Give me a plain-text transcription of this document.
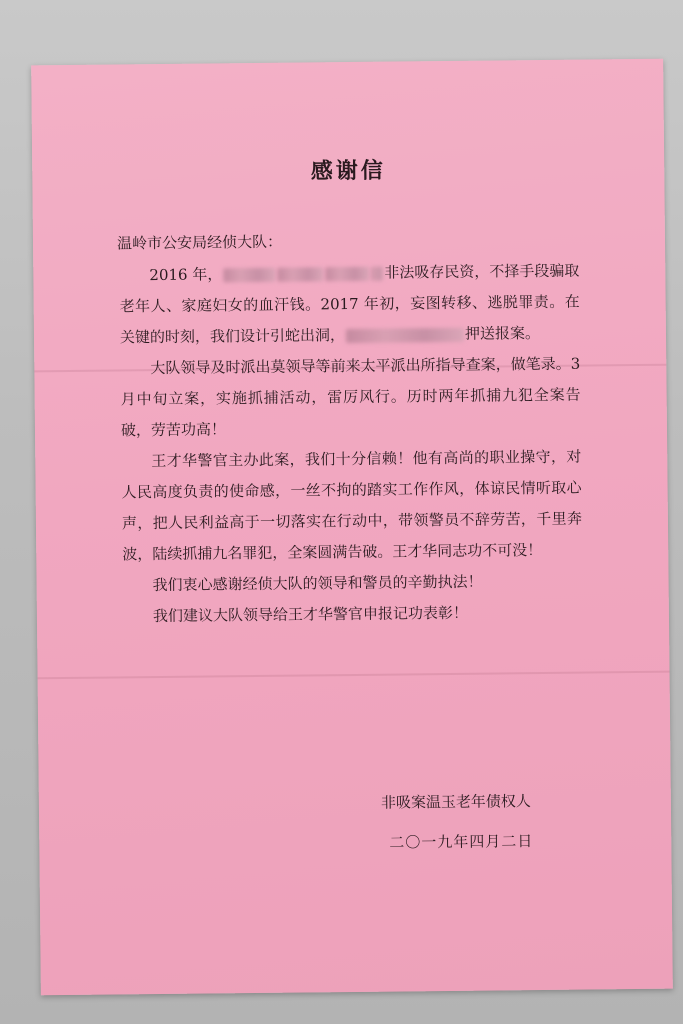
感谢信
温岭市公安局经侦大队：

2016 年，	非法吸存民资，不择手段骗取老年人、家庭妇女的血汗钱。2017 年初，妄图转移、逃脱罪责。在关键的时刻，我们设计引蛇出洞，	押送报案。

大队领导及时派出莫领导等前来太平派出所指导查案，做笔录。3月中旬立案，实施抓捕活动，雷厉风行。历时两年抓捕九犯全案告破，劳苦功高！

王才华警官主办此案，我们十分信赖！他有高尚的职业操守，对人民高度负责的使命感，一丝不拘的踏实工作作风，体谅民情听取心声，把人民利益高于一切落实在行动中，带领警员不辞劳苦，千里奔波，陆续抓捕九名罪犯，全案圆满告破。王才华同志功不可没！

我们衷心感谢经侦大队的领导和警员的辛勤执法！

我们建议大队领导给王才华警官申报记功表彰！

非吸案温玉老年债权人
二〇一九年四月二日
